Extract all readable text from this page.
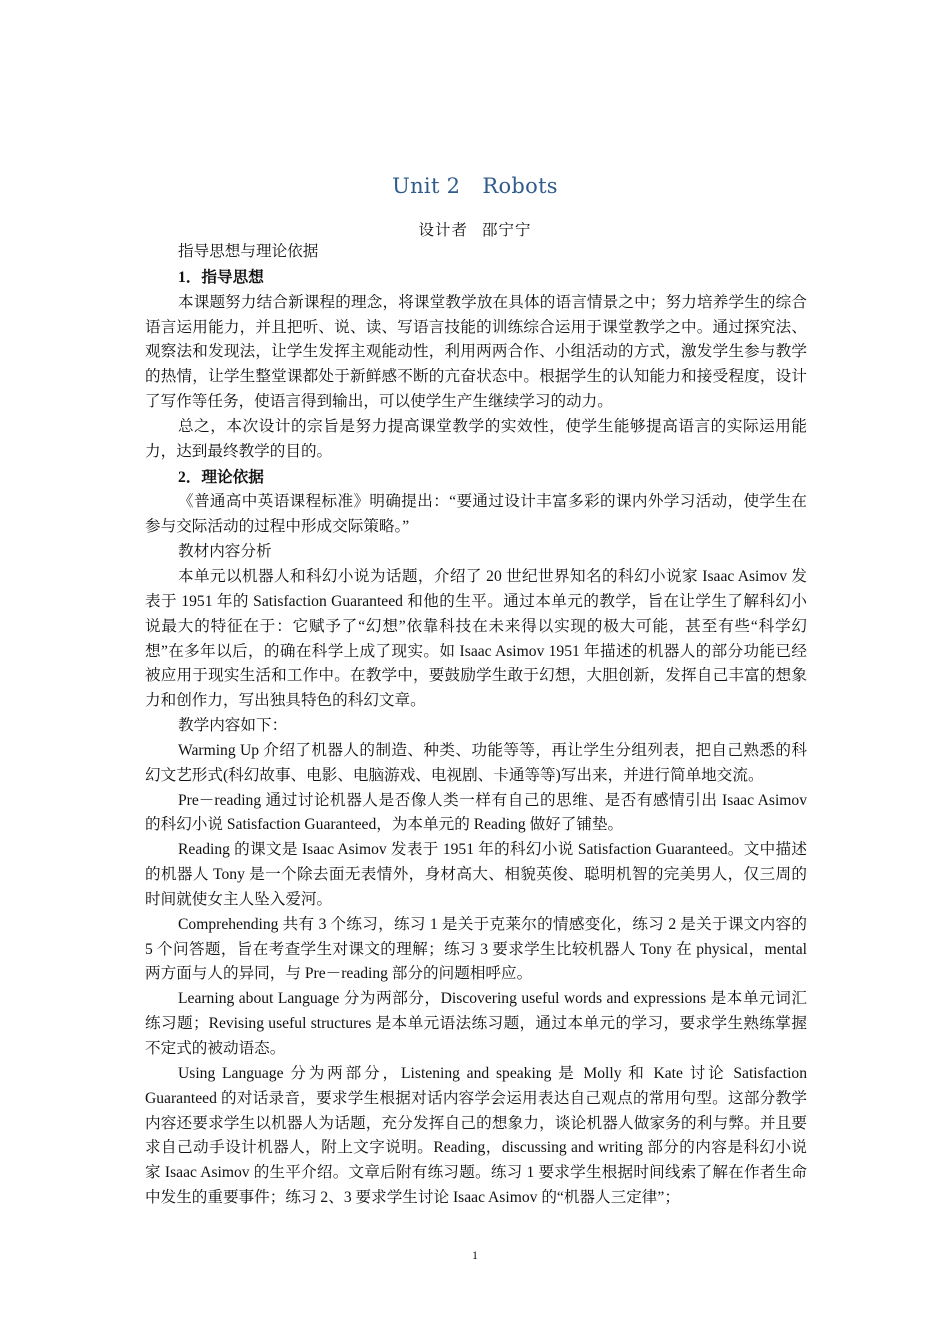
Unit 2 Robots

设计者 邵宁宁

指导思想与理论依据
1．指导思想

本课题努力结合新课程的理念，将课堂教学放在具体的语言情景之中；努力培养学生的综合语言运用能力，并且把听、说、读、写语言技能的训练综合运用于课堂教学之中。通过探究法、观察法和发现法，让学生发挥主观能动性，利用两两合作、小组活动的方式，激发学生参与教学的热情，让学生整堂课都处于新鲜感不断的亢奋状态中。根据学生的认知能力和接受程度，设计了写作等任务，使语言得到输出，可以使学生产生继续学习的动力。

总之，本次设计的宗旨是努力提高课堂教学的实效性，使学生能够提高语言的实际运用能力，达到最终教学的目的。

2．理论依据

《普通高中英语课程标准》明确提出：“要通过设计丰富多彩的课内外学习活动，使学生在参与交际活动的过程中形成交际策略。”

教材内容分析

本单元以机器人和科幻小说为话题，介绍了 20 世纪世界知名的科幻小说家 Isaac Asimov 发表于 1951 年的 Satisfaction Guaranteed 和他的生平。通过本单元的教学，旨在让学生了解科幻小说最大的特征在于：它赋予了“幻想”依靠科技在未来得以实现的极大可能，甚至有些“科学幻想”在多年以后，的确在科学上成了现实。如 Isaac Asimov 1951 年描述的机器人的部分功能已经被应用于现实生活和工作中。在教学中，要鼓励学生敢于幻想，大胆创新，发挥自己丰富的想象力和创作力，写出独具特色的科幻文章。

教学内容如下：

Warming Up 介绍了机器人的制造、种类、功能等等，再让学生分组列表，把自己熟悉的科幻文艺形式(科幻故事、电影、电脑游戏、电视剧、卡通等等)写出来，并进行简单地交流。

Pre－reading 通过讨论机器人是否像人类一样有自己的思维、是否有感情引出 Isaac Asimov 的科幻小说 Satisfaction Guaranteed，为本单元的 Reading 做好了铺垫。

Reading 的课文是 Isaac Asimov 发表于 1951 年的科幻小说 Satisfaction Guaranteed。文中描述的机器人 Tony 是一个除去面无表情外，身材高大、相貌英俊、聪明机智的完美男人，仅三周的时间就使女主人坠入爱河。

Comprehending 共有 3 个练习，练习 1 是关于克莱尔的情感变化，练习 2 是关于课文内容的 5 个问答题，旨在考查学生对课文的理解；练习 3 要求学生比较机器人 Tony 在 physical，mental 两方面与人的异同，与 Pre－reading 部分的问题相呼应。

Learning about Language 分为两部分，Discovering useful words and expressions 是本单元词汇练习题；Revising useful structures 是本单元语法练习题，通过本单元的学习，要求学生熟练掌握不定式的被动语态。

Using Language 分为两部分，Listening and speaking 是 Molly 和 Kate 讨论 Satisfaction Guaranteed 的对话录音，要求学生根据对话内容学会运用表达自己观点的常用句型。这部分教学内容还要求学生以机器人为话题，充分发挥自己的想象力，谈论机器人做家务的利与弊。并且要求自己动手设计机器人，附上文字说明。Reading，discussing and writing 部分的内容是科幻小说家 Isaac Asimov 的生平介绍。文章后附有练习题。练习 1 要求学生根据时间线索了解在作者生命中发生的重要事件；练习 2、3 要求学生讨论 Isaac Asimov 的“机器人三定律”；

1
